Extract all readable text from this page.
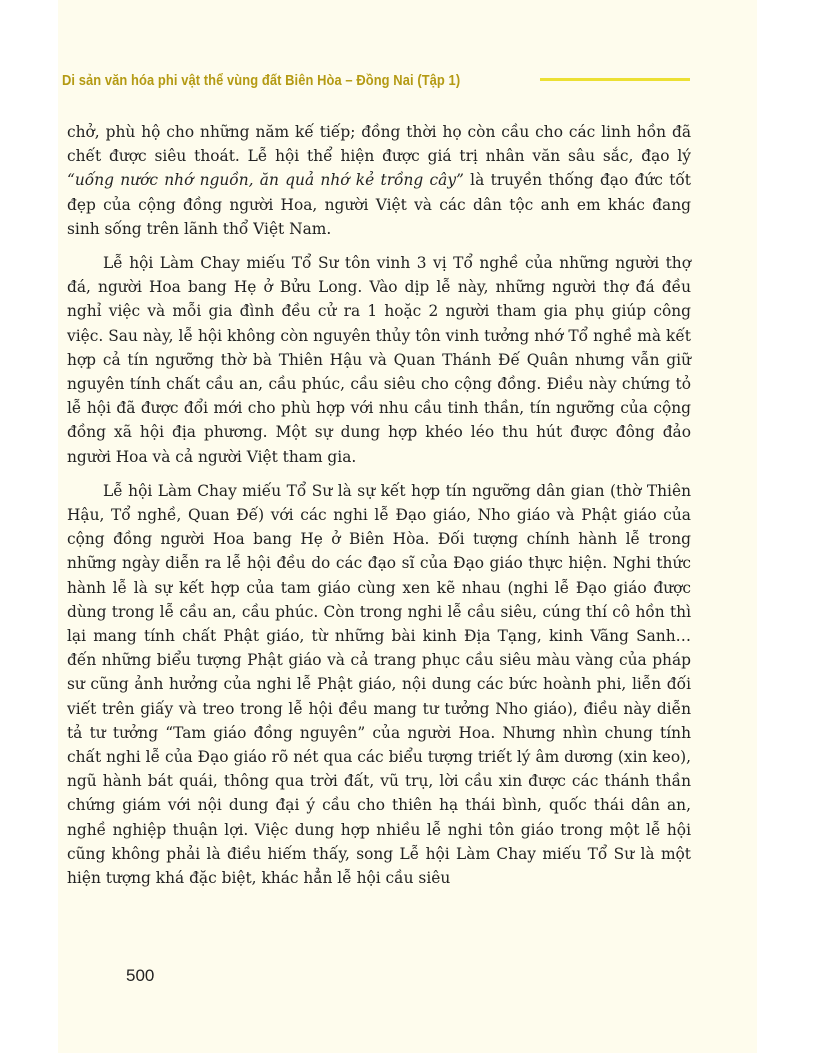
Di sản văn hóa phi vật thể vùng đất Biên Hòa – Đồng Nai (Tập 1)

chở, phù hộ cho những năm kế tiếp; đồng thời họ còn cầu cho các linh hồn đã chết được siêu thoát. Lễ hội thể hiện được giá trị nhân văn sâu sắc, đạo lý “uống nước nhớ nguồn, ăn quả nhớ kẻ trồng cây” là truyền thống đạo đức tốt đẹp của cộng đồng người Hoa, người Việt và các dân tộc anh em khác đang sinh sống trên lãnh thổ Việt Nam.

Lễ hội Làm Chay miếu Tổ Sư tôn vinh 3 vị Tổ nghề của những người thợ đá, người Hoa bang Hẹ ở Bửu Long. Vào dịp lễ này, những người thợ đá đều nghỉ việc và mỗi gia đình đều cử ra 1 hoặc 2 người tham gia phụ giúp công việc. Sau này, lễ hội không còn nguyên thủy tôn vinh tưởng nhớ Tổ nghề mà kết hợp cả tín ngưỡng thờ bà Thiên Hậu và Quan Thánh Đế Quân nhưng vẫn giữ nguyên tính chất cầu an, cầu phúc, cầu siêu cho cộng đồng. Điều này chứng tỏ lễ hội đã được đổi mới cho phù hợp với nhu cầu tinh thần, tín ngưỡng của cộng đồng xã hội địa phương. Một sự dung hợp khéo léo thu hút được đông đảo người Hoa và cả người Việt tham gia.

Lễ hội Làm Chay miếu Tổ Sư là sự kết hợp tín ngưỡng dân gian (thờ Thiên Hậu, Tổ nghề, Quan Đế) với các nghi lễ Đạo giáo, Nho giáo và Phật giáo của cộng đồng người Hoa bang Hẹ ở Biên Hòa. Đối tượng chính hành lễ trong những ngày diễn ra lễ hội đều do các đạo sĩ của Đạo giáo thực hiện. Nghi thức hành lễ là sự kết hợp của tam giáo cùng xen kẽ nhau (nghi lễ Đạo giáo được dùng trong lễ cầu an, cầu phúc. Còn trong nghi lễ cầu siêu, cúng thí cô hồn thì lại mang tính chất Phật giáo, từ những bài kinh Địa Tạng, kinh Vãng Sanh… đến những biểu tượng Phật giáo và cả trang phục cầu siêu màu vàng của pháp sư cũng ảnh hưởng của nghi lễ Phật giáo, nội dung các bức hoành phi, liễn đối viết trên giấy và treo trong lễ hội đều mang tư tưởng Nho giáo), điều này diễn tả tư tưởng “Tam giáo đồng nguyên” của người Hoa. Nhưng nhìn chung tính chất nghi lễ của Đạo giáo rõ nét qua các biểu tượng triết lý âm dương (xin keo), ngũ hành bát quái, thông qua trời đất, vũ trụ, lời cầu xin được các thánh thần chứng giám với nội dung đại ý cầu cho thiên hạ thái bình, quốc thái dân an, nghề nghiệp thuận lợi. Việc dung hợp nhiều lễ nghi tôn giáo trong một lễ hội cũng không phải là điều hiếm thấy, song Lễ hội Làm Chay miếu Tổ Sư là một hiện tượng khá đặc biệt, khác hẳn lễ hội cầu siêu

500
